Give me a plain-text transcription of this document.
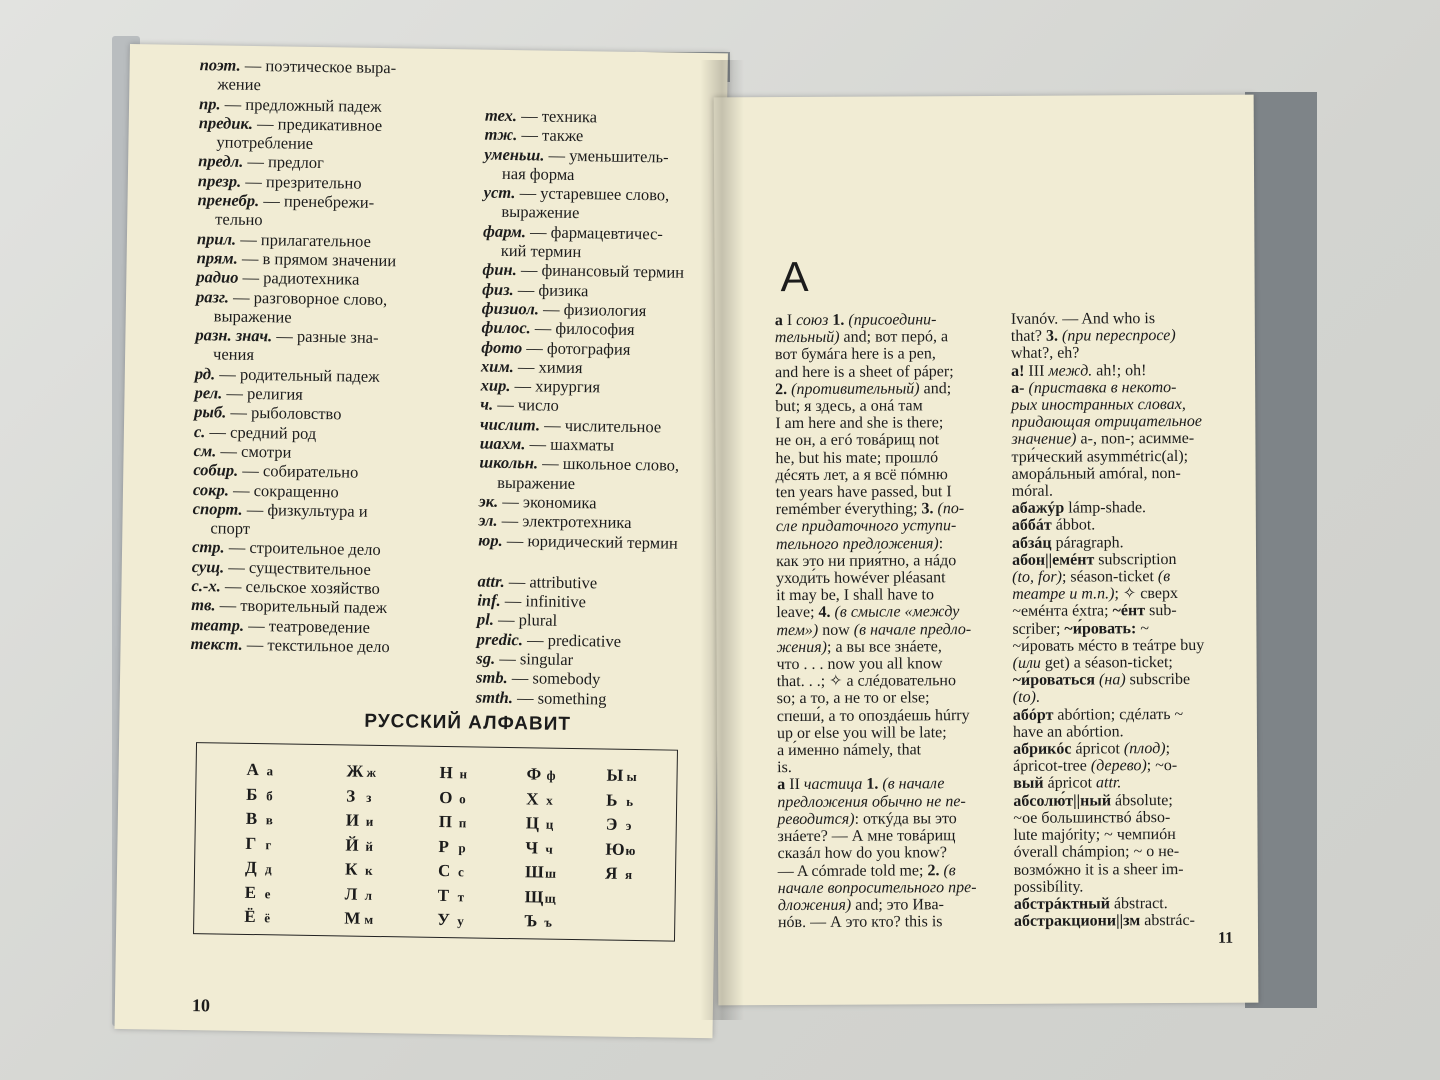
поэт. — поэтическое выра-
жение
пр. — предложный падеж
предик. — предикативное
употребление
предл. — предлог
презр. — презрительно
пренебр. — пренебрежи-
тельно
прил. — прилагательное
прям. — в прямом значении
радио — радиотехника
разг. — разговорное слово,
выражение
разн. знач. — разные зна-
чения
рд. — родительный падеж
рел. — религия
рыб. — рыболовство
с. — средний род
см. — смотри
собир. — собирательно
сокр. — сокращенно
спорт. — физкультура и
спорт
стр. — строительное дело
сущ. — существительное
с.-х. — сельское хозяйство
тв. — творительный падеж
театр. — театроведение
текст. — текстильное дело
тех. — техника
тж. — также
уменьш. — уменьшитель-
ная форма
уст. — устаревшее слово,
выражение
фарм. — фармацевтичес-
кий термин
фин. — финансовый термин
физ. — физика
физиол. — физиология
филос. — философия
фото — фотография
хим. — химия
хир. — хирургия
ч. — число
числит. — числительное
шахм. — шахматы
школьн. — школьное слово,
выражение
эк. — экономика
эл. — электротехника
юр. — юридический термин
attr. — attributive
inf. — infinitive
pl. — plural
predic. — predicative
sg. — singular
smb. — somebody
smth. — something
РУССКИЙ АЛФАВИТ
А а
Б б
В в
Г г
Д д
Е е
Ё ё
Ж ж
З з
И и
Й й
К к
Л л
М м
Н н
О о
П п
Р р
С с
Т т
У у
Ф ф
Х х
Ц ц
Ч ч
Шш
Щщ
Ъ ъ
Ы ы
Ь ь
Э э
Юю
Я я
10
А
а I союз 1. (присоедини-
тельный) and; вот перó, а
вот бумáга here is a pen,
and here is a sheet of páper;
2. (противительный) and;
but; я здесь, а онá там
I am here and she is there;
не он, а егó товáрищ not
he, but his mate; прошлó
дéсять лет, а я всё пóмню
ten years have passed, but I
remémber éverything; 3. (по-
сле придаточного уступи-
тельного предложения):
как это ни прия́тно, а нáдо
уходи́ть howéver pléasant
it may be, I shall have to
leave; 4. (в смысле «между
тем») now (в начале предло-
жения); а вы все знáете,
что . . . now you all know
that. . .; ✧ а слéдовательно
so; а то, а не то or else;
спеши́, а то опоздáешь húrry
up or else you will be late;
а и́менно námely, that
is.
а II частица 1. (в начале
предложения обычно не пе-
реводится): откýда вы это
знáете? — А мне товáрищ
сказáл how do you know?
— A cómrade told me; 2. (в
начале вопросительного пре-
дложения) and; это Ивa-
нóв. — А это кто? this is
Ivanóv. — And who is
that? 3. (при переспросе)
what?, eh?
а! III межд. ah!; oh!
а- (приставка в некото-
рых иностранных словах,
придающая отрицательное
значение) a-, non-; асимме-
три́ческий asymmétric(al);
аморáльный amóral, non-
móral.
абажýр lámp-shade.
аббáт ábbot.
абзáц páragraph.
абон||емéнт subscription
(to, for); séason-ticket (в
театре и т.п.); ✧ сверх
~емéнта éxtra; ~éнт sub-
scriber; ~и́ровать: ~
~и́ровать мéсто в теáтре buy
(или get) a séason-ticket;
~и́роваться (на) subscribe
(to).
абóрт abórtion; сдéлать ~
have an abórtion.
абрикóс ápricot (плод);
ápricot-tree (дерево); ~о-
вый ápricot attr.
абсолю́т||ный ábsolute;
~ое большинствó ábso-
lute majórity; ~ чемпиóн
óverall chámpion; ~ о не-
возмóжно it is a sheer im-
possibílity.
абстрáктный ábstract.
абстракциони||зм abstrác-
11
